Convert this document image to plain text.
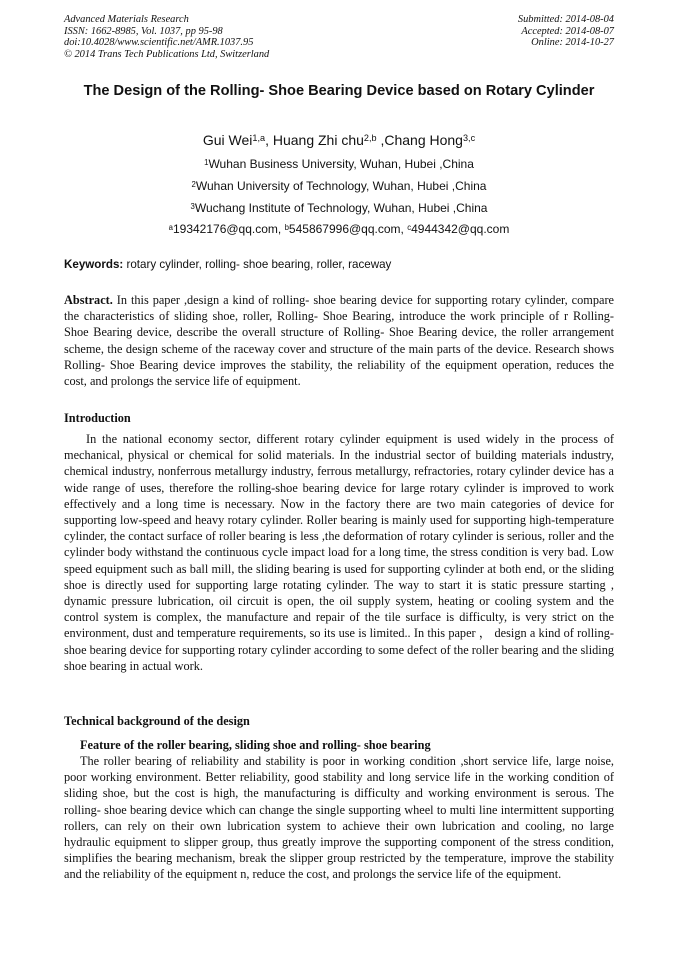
Advanced Materials Research
ISSN: 1662-8985, Vol. 1037, pp 95-98
doi:10.4028/www.scientific.net/AMR.1037.95
© 2014 Trans Tech Publications Ltd, Switzerland
Submitted: 2014-08-04
Accepted: 2014-08-07
Online: 2014-10-27
The Design of the Rolling- Shoe Bearing Device based on Rotary Cylinder
Gui Wei$^{1,a}$, Huang Zhi chu$^{2,b}$ ,Chang Hong$^{3,c}$
$^1$Wuhan Business University, Wuhan, Hubei ,China
$^2$Wuhan University of Technology, Wuhan, Hubei ,China
$^3$Wuchang Institute of Technology, Wuhan, Hubei ,China
$^a$19342176@qq.com, $^b$545867996@qq.com, $^c$4944342@qq.com
Keywords: rotary cylinder, rolling- shoe bearing, roller, raceway
Abstract. In this paper ,design a kind of rolling- shoe bearing device for supporting rotary cylinder, compare the characteristics of sliding shoe, roller, Rolling- Shoe Bearing, introduce the work principle of r Rolling- Shoe Bearing device, describe the overall structure of Rolling- Shoe Bearing device, the roller arrangement scheme, the design scheme of the raceway cover and structure of the main parts of the device. Research shows Rolling- Shoe Bearing device improves the stability, the reliability of the equipment operation, reduces the cost, and prolongs the service life of equipment.
Introduction
In the national economy sector, different rotary cylinder equipment is used widely in the process of mechanical, physical or chemical for solid materials. In the industrial sector of building materials industry, chemical industry, nonferrous metallurgy industry, ferrous metallurgy, refractories, rotary cylinder device has a wide range of uses, therefore the rolling-shoe bearing device for large rotary cylinder is improved to work effectively and a long time is necessary. Now in the factory there are two main categories of device for supporting low-speed and heavy rotary cylinder. Roller bearing is mainly used for supporting high-temperature cylinder, the contact surface of roller bearing is less ,the deformation of rotary cylinder is serious, roller and the cylinder body withstand the continuous cycle impact load for a long time, the stress condition is very bad. Low speed equipment such as ball mill, the sliding bearing is used for supporting cylinder at both end, or the sliding shoe is directly used for supporting large rotating cylinder. The way to start it is static pressure starting , dynamic pressure lubrication, oil circuit is open, the oil supply system, heating or cooling system and the control system is complex, the manufacture and repair of the tile surface is difficulty, is very strict on the environment, dust and temperature requirements, so its use is limited.. In this paper ， design a kind of rolling- shoe bearing device for supporting rotary cylinder according to some defect of the roller bearing and the sliding shoe bearing in actual work.
Technical background of the design
Feature of the roller bearing, sliding shoe and rolling- shoe bearing
The roller bearing of reliability and stability is poor in working condition ,short service life, large noise, poor working environment. Better reliability, good stability and long service life in the working condition of sliding shoe, but the cost is high, the manufacturing is difficulty and working environment is serous. The rolling- shoe bearing device which can change the single supporting wheel to multi line intermittent supporting rollers, can rely on their own lubrication system to achieve their own lubrication and cooling, no large hydraulic equipment to slipper group, thus greatly improve the supporting component of the stress condition, simplifies the bearing mechanism, break the slipper group restricted by the temperature, improve the stability and the reliability of the equipment n, reduce the cost, and prolongs the service life of the equipment.
